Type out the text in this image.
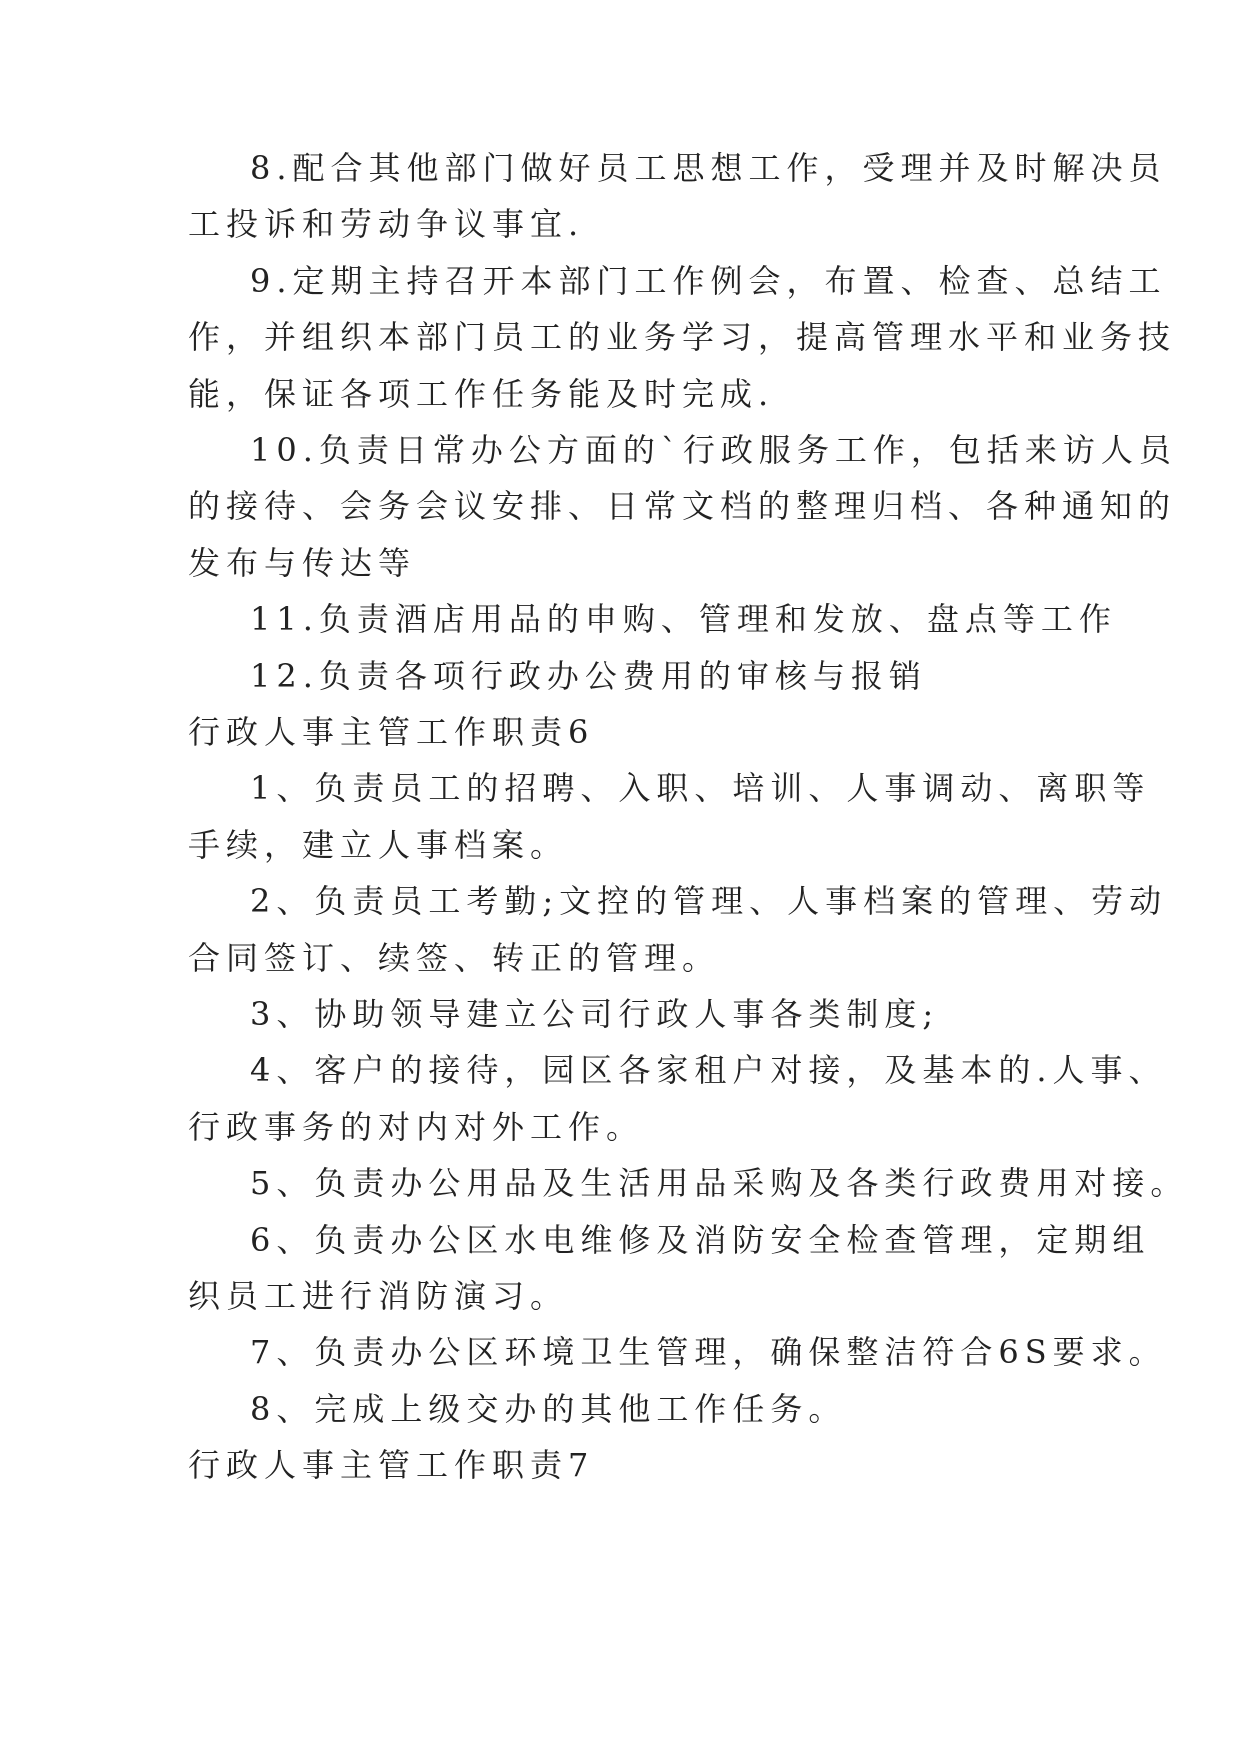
8.配合其他部门做好员工思想工作，受理并及时解决员
工投诉和劳动争议事宜.
9.定期主持召开本部门工作例会，布置、检查、总结工
作，并组织本部门员工的业务学习，提高管理水平和业务技
能，保证各项工作任务能及时完成.
10.负责日常办公方面的`行政服务工作，包括来访人员
的接待、会务会议安排、日常文档的整理归档、各种通知的
发布与传达等
11.负责酒店用品的申购、管理和发放、盘点等工作
12.负责各项行政办公费用的审核与报销
行政人事主管工作职责6
1、负责员工的招聘、入职、培训、人事调动、离职等
手续，建立人事档案。
2、负责员工考勤;文控的管理、人事档案的管理、劳动
合同签订、续签、转正的管理。
3、协助领导建立公司行政人事各类制度;
4、客户的接待，园区各家租户对接，及基本的.人事、
行政事务的对内对外工作。
5、负责办公用品及生活用品采购及各类行政费用对接。
6、负责办公区水电维修及消防安全检查管理，定期组
织员工进行消防演习。
7、负责办公区环境卫生管理，确保整洁符合6S要求。
8、完成上级交办的其他工作任务。
行政人事主管工作职责7
